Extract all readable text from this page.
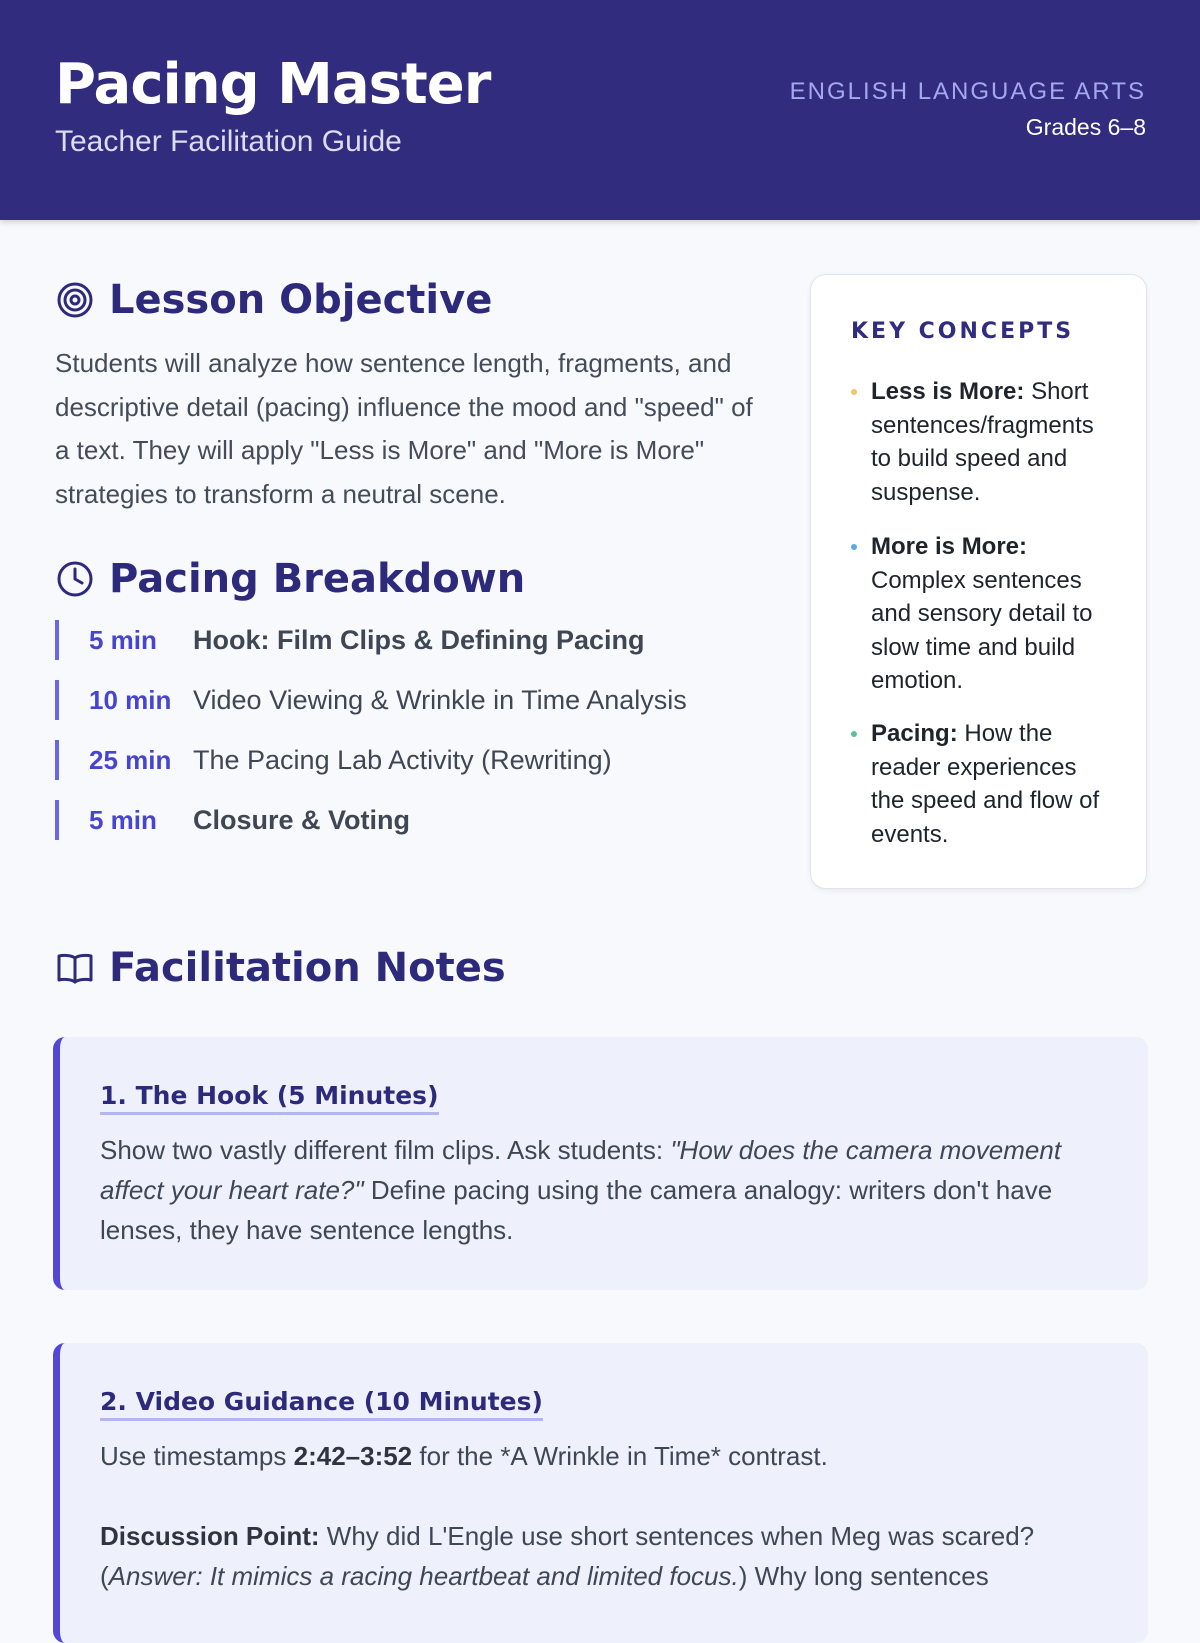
Pacing Master
Teacher Facilitation Guide
ENGLISH LANGUAGE ARTS
Grades 6–8
Lesson Objective
Students will analyze how sentence length, fragments, and descriptive detail (pacing) influence the mood and "speed" of a text. They will apply "Less is More" and "More is More" strategies to transform a neutral scene.
Pacing Breakdown
5 min	Hook: Film Clips & Defining Pacing
10 min Video Viewing & Wrinkle in Time Analysis
25 min The Pacing Lab Activity (Rewriting)
5 min	Closure & Voting
KEY CONCEPTS
Less is More: Short sentences/fragments to build speed and suspense.
More is More: Complex sentences and sensory detail to slow time and build emotion.
Pacing: How the reader experiences the speed and flow of events.
Facilitation Notes
1. The Hook (5 Minutes)
Show two vastly different film clips. Ask students: "How does the camera movement affect your heart rate?" Define pacing using the camera analogy: writers don't have lenses, they have sentence lengths.
2. Video Guidance (10 Minutes)
Use timestamps 2:42–3:52 for the *A Wrinkle in Time* contrast.
Discussion Point: Why did L'Engle use short sentences when Meg was scared? (Answer: It mimics a racing heartbeat and limited focus.) Why long sentences
